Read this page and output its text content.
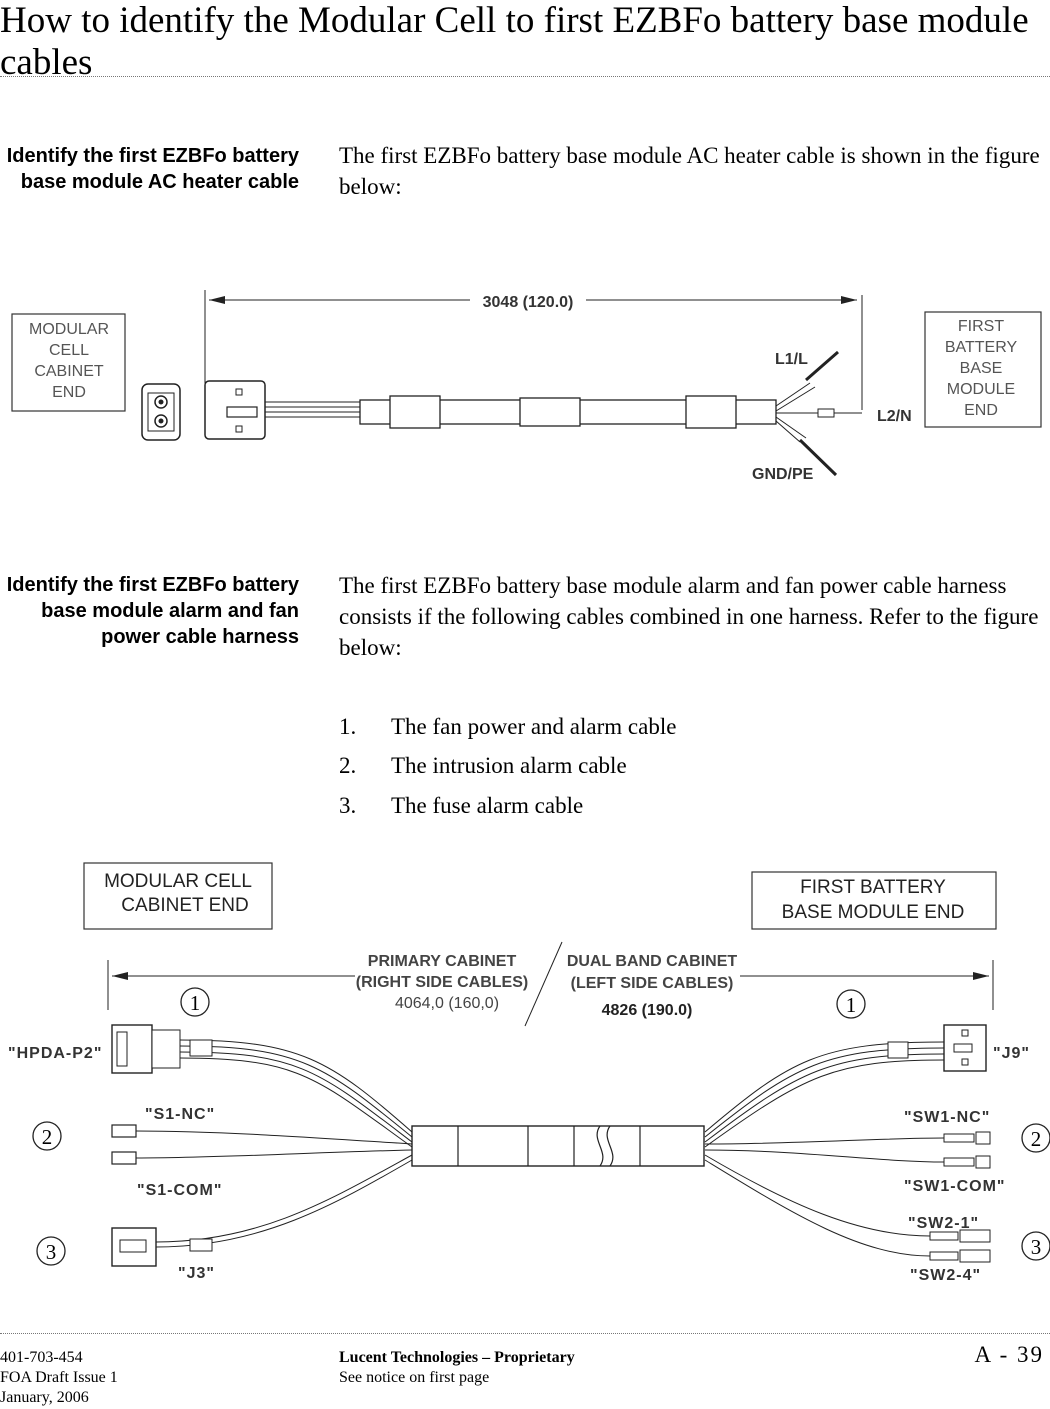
How to identify the Modular Cell to first EZBFo battery base module cables
Identify the first EZBFo battery base module AC heater cable
The first EZBFo battery base module AC heater cable is shown in the figure below:
MODULAR
CELL
CABINET
END
FIRST
BATTERY
BASE
MODULE
END
3048 (120.0)
L1/L
L2/N
GND/PE
Identify the first EZBFo battery base module alarm and fan power cable harness
The first EZBFo battery base module alarm and fan power cable harness consists if the following cables combined in one harness. Refer to the figure below:
1. The fan power and alarm cable
2. The intrusion alarm cable
3. The fuse alarm cable
MODULAR CELL
CABINET END
FIRST BATTERY
BASE MODULE END
PRIMARY CABINET
(RIGHT SIDE CABLES)
4064,0 (160,0)
DUAL BAND CABINET
(LEFT SIDE CABLES)
4826 (190.0)
1	1
2	2
3	3
"HPDA-P2"
"S1-NC"
"S1-COM"
"J3"
"J9"
"SW1-NC"
"SW1-COM"
"SW2-1"
"SW2-4"
401-703-454
FOA Draft Issue 1
January, 2006
Lucent Technologies – Proprietary
See notice on first page
A - 39
